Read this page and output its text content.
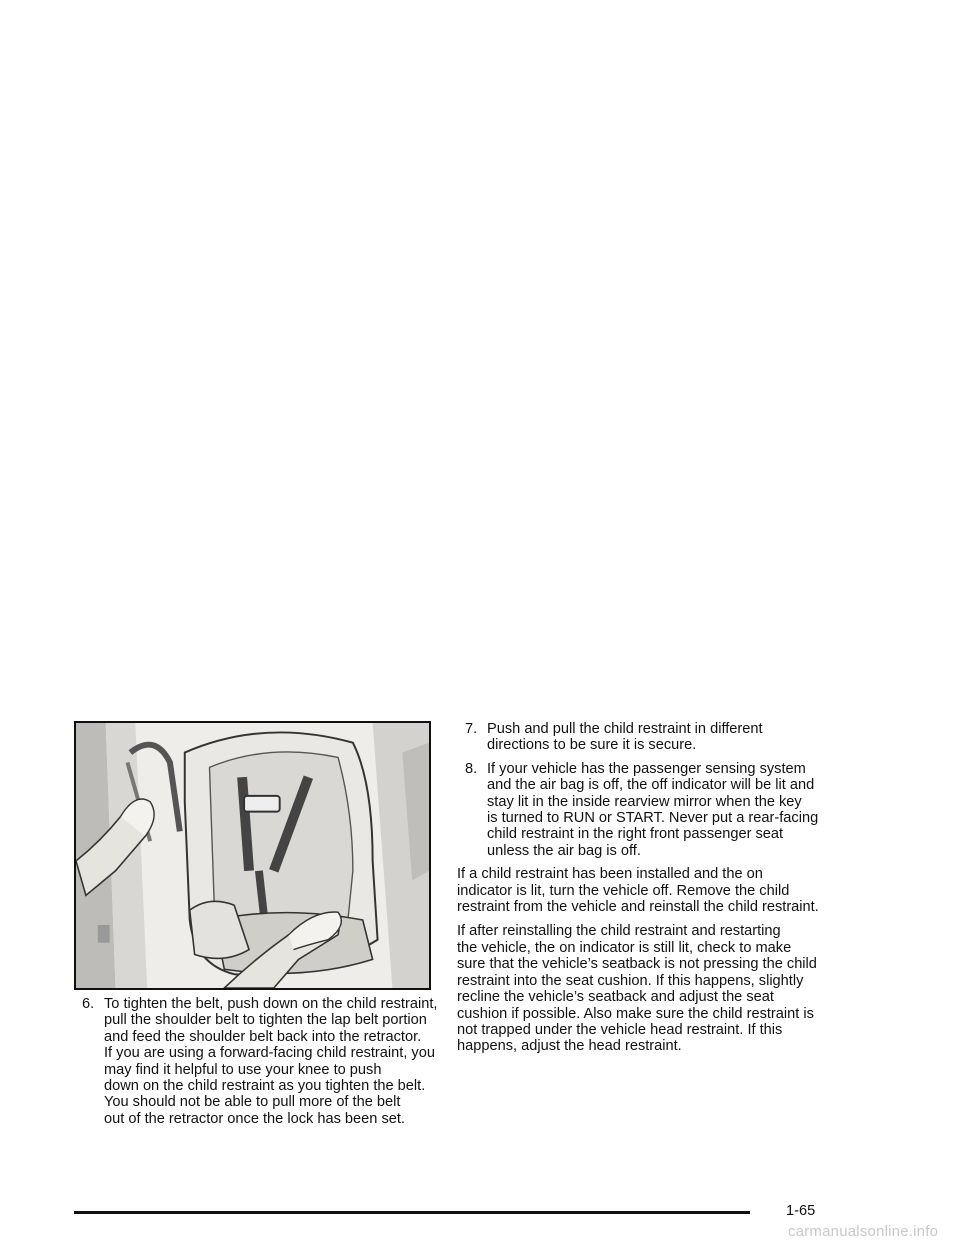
6. To tighten the belt, push down on the child restraint,
pull the shoulder belt to tighten the lap belt portion
and feed the shoulder belt back into the retractor.
If you are using a forward-facing child restraint, you
may find it helpful to use your knee to push
down on the child restraint as you tighten the belt.
You should not be able to pull more of the belt
out of the retractor once the lock has been set.
7. Push and pull the child restraint in different
directions to be sure it is secure.
8. If your vehicle has the passenger sensing system
and the air bag is off, the off indicator will be lit and
stay lit in the inside rearview mirror when the key
is turned to RUN or START. Never put a rear-facing
child restraint in the right front passenger seat
unless the air bag is off.
If a child restraint has been installed and the on
indicator is lit, turn the vehicle off. Remove the child
restraint from the vehicle and reinstall the child restraint.
If after reinstalling the child restraint and restarting
the vehicle, the on indicator is still lit, check to make
sure that the vehicle’s seatback is not pressing the child
restraint into the seat cushion. If this happens, slightly
recline the vehicle’s seatback and adjust the seat
cushion if possible. Also make sure the child restraint is
not trapped under the vehicle head restraint. If this
happens, adjust the head restraint.
1-65
carmanualsonline.info
